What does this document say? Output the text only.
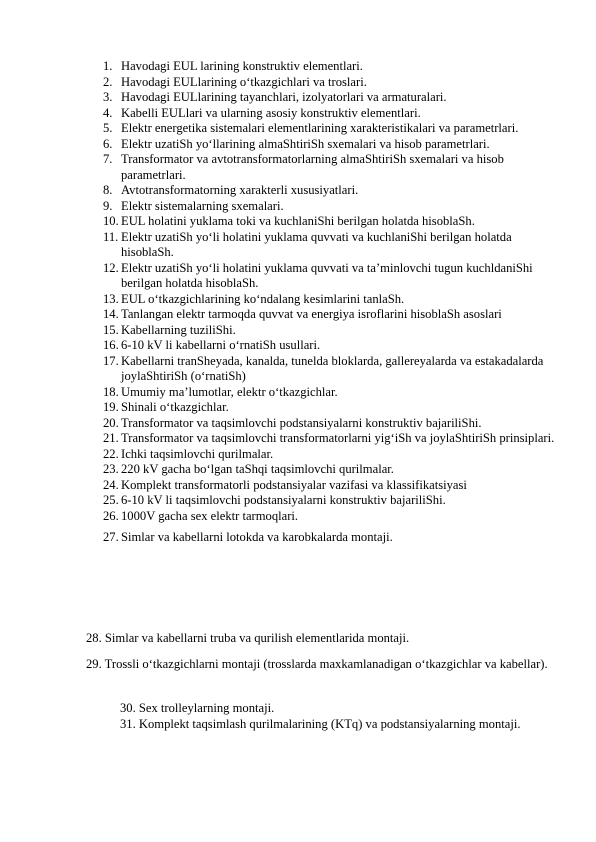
1. Havodagi EUL larining konstruktiv elementlari.
2. Havodagi EULlarining o‘tkazgichlari va troslari.
3. Havodagi EULlarining tayanchlari, izolyatorlari va armaturalari.
4. Kabelli EULlari va ularning asosiy konstruktiv elementlari.
5. Elektr energetika sistemalari elementlarining xarakteristikalari va parametrlari.
6. Elektr uzatiSh yo‘llarining almaShtiriSh sxemalari va hisob parametrlari.
7. Transformator va avtotransformatorlarning almaShtiriSh sxemalari va hisob parametrlari.
8. Avtotransformatorning xarakterli xususiyatlari.
9. Elektr sistemalarning sxemalari.
10. EUL holatini yuklama toki va kuchlaniShi berilgan holatda hisoblaSh.
11. Elektr uzatiSh yo‘li holatini yuklama quvvati va kuchlaniShi berilgan holatda hisoblaSh.
12. Elektr uzatiSh yo‘li holatini yuklama quvvati va ta’minlovchi tugun kuchldaniShi berilgan holatda hisoblaSh.
13. EUL o‘tkazgichlarining ko‘ndalang kesimlarini tanlaSh.
14. Tanlangan elektr tarmoqda quvvat va energiya isroflarini hisoblaSh asoslari
15. Kabellarning tuziliShi.
16. 6-10 kV li kabellarni o‘rnatiSh usullari.
17. Kabellarni tranSheyada, kanalda, tunelda bloklarda, gallereyalarda va estakadalarda joylaShtiriSh (o‘rnatiSh)
18. Umumiy ma’lumotlar, elektr o‘tkazgichlar.
19. Shinali o‘tkazgichlar.
20. Transformator va taqsimlovchi podstansiyalarni konstruktiv bajariliShi.
21. Transformator va taqsimlovchi transformatorlarni yig‘iSh va joylaShtiriSh prinsiplari.
22. Ichki taqsimlovchi qurilmalar.
23. 220 kV gacha bo‘lgan taShqi taqsimlovchi qurilmalar.
24. Komplekt transformatorli podstansiyalar vazifasi va klassifikatsiyasi
25. 6-10 kV li taqsimlovchi podstansiyalarni konstruktiv bajariliShi.
26. 1000V gacha sex elektr tarmoqlari.
27. Simlar va kabellarni lotokda va karobkalarda montaji.
28. Simlar va kabellarni truba va qurilish elementlarida montaji.
29. Trossli o‘tkazgichlarni montaji (trosslarda maxkamlanadigan o‘tkazgichlar va kabellar).
30. Sex trolleylarning montaji.
31. Komplekt taqsimlash qurilmalarining (KTq) va podstansiyalarning montaji.
